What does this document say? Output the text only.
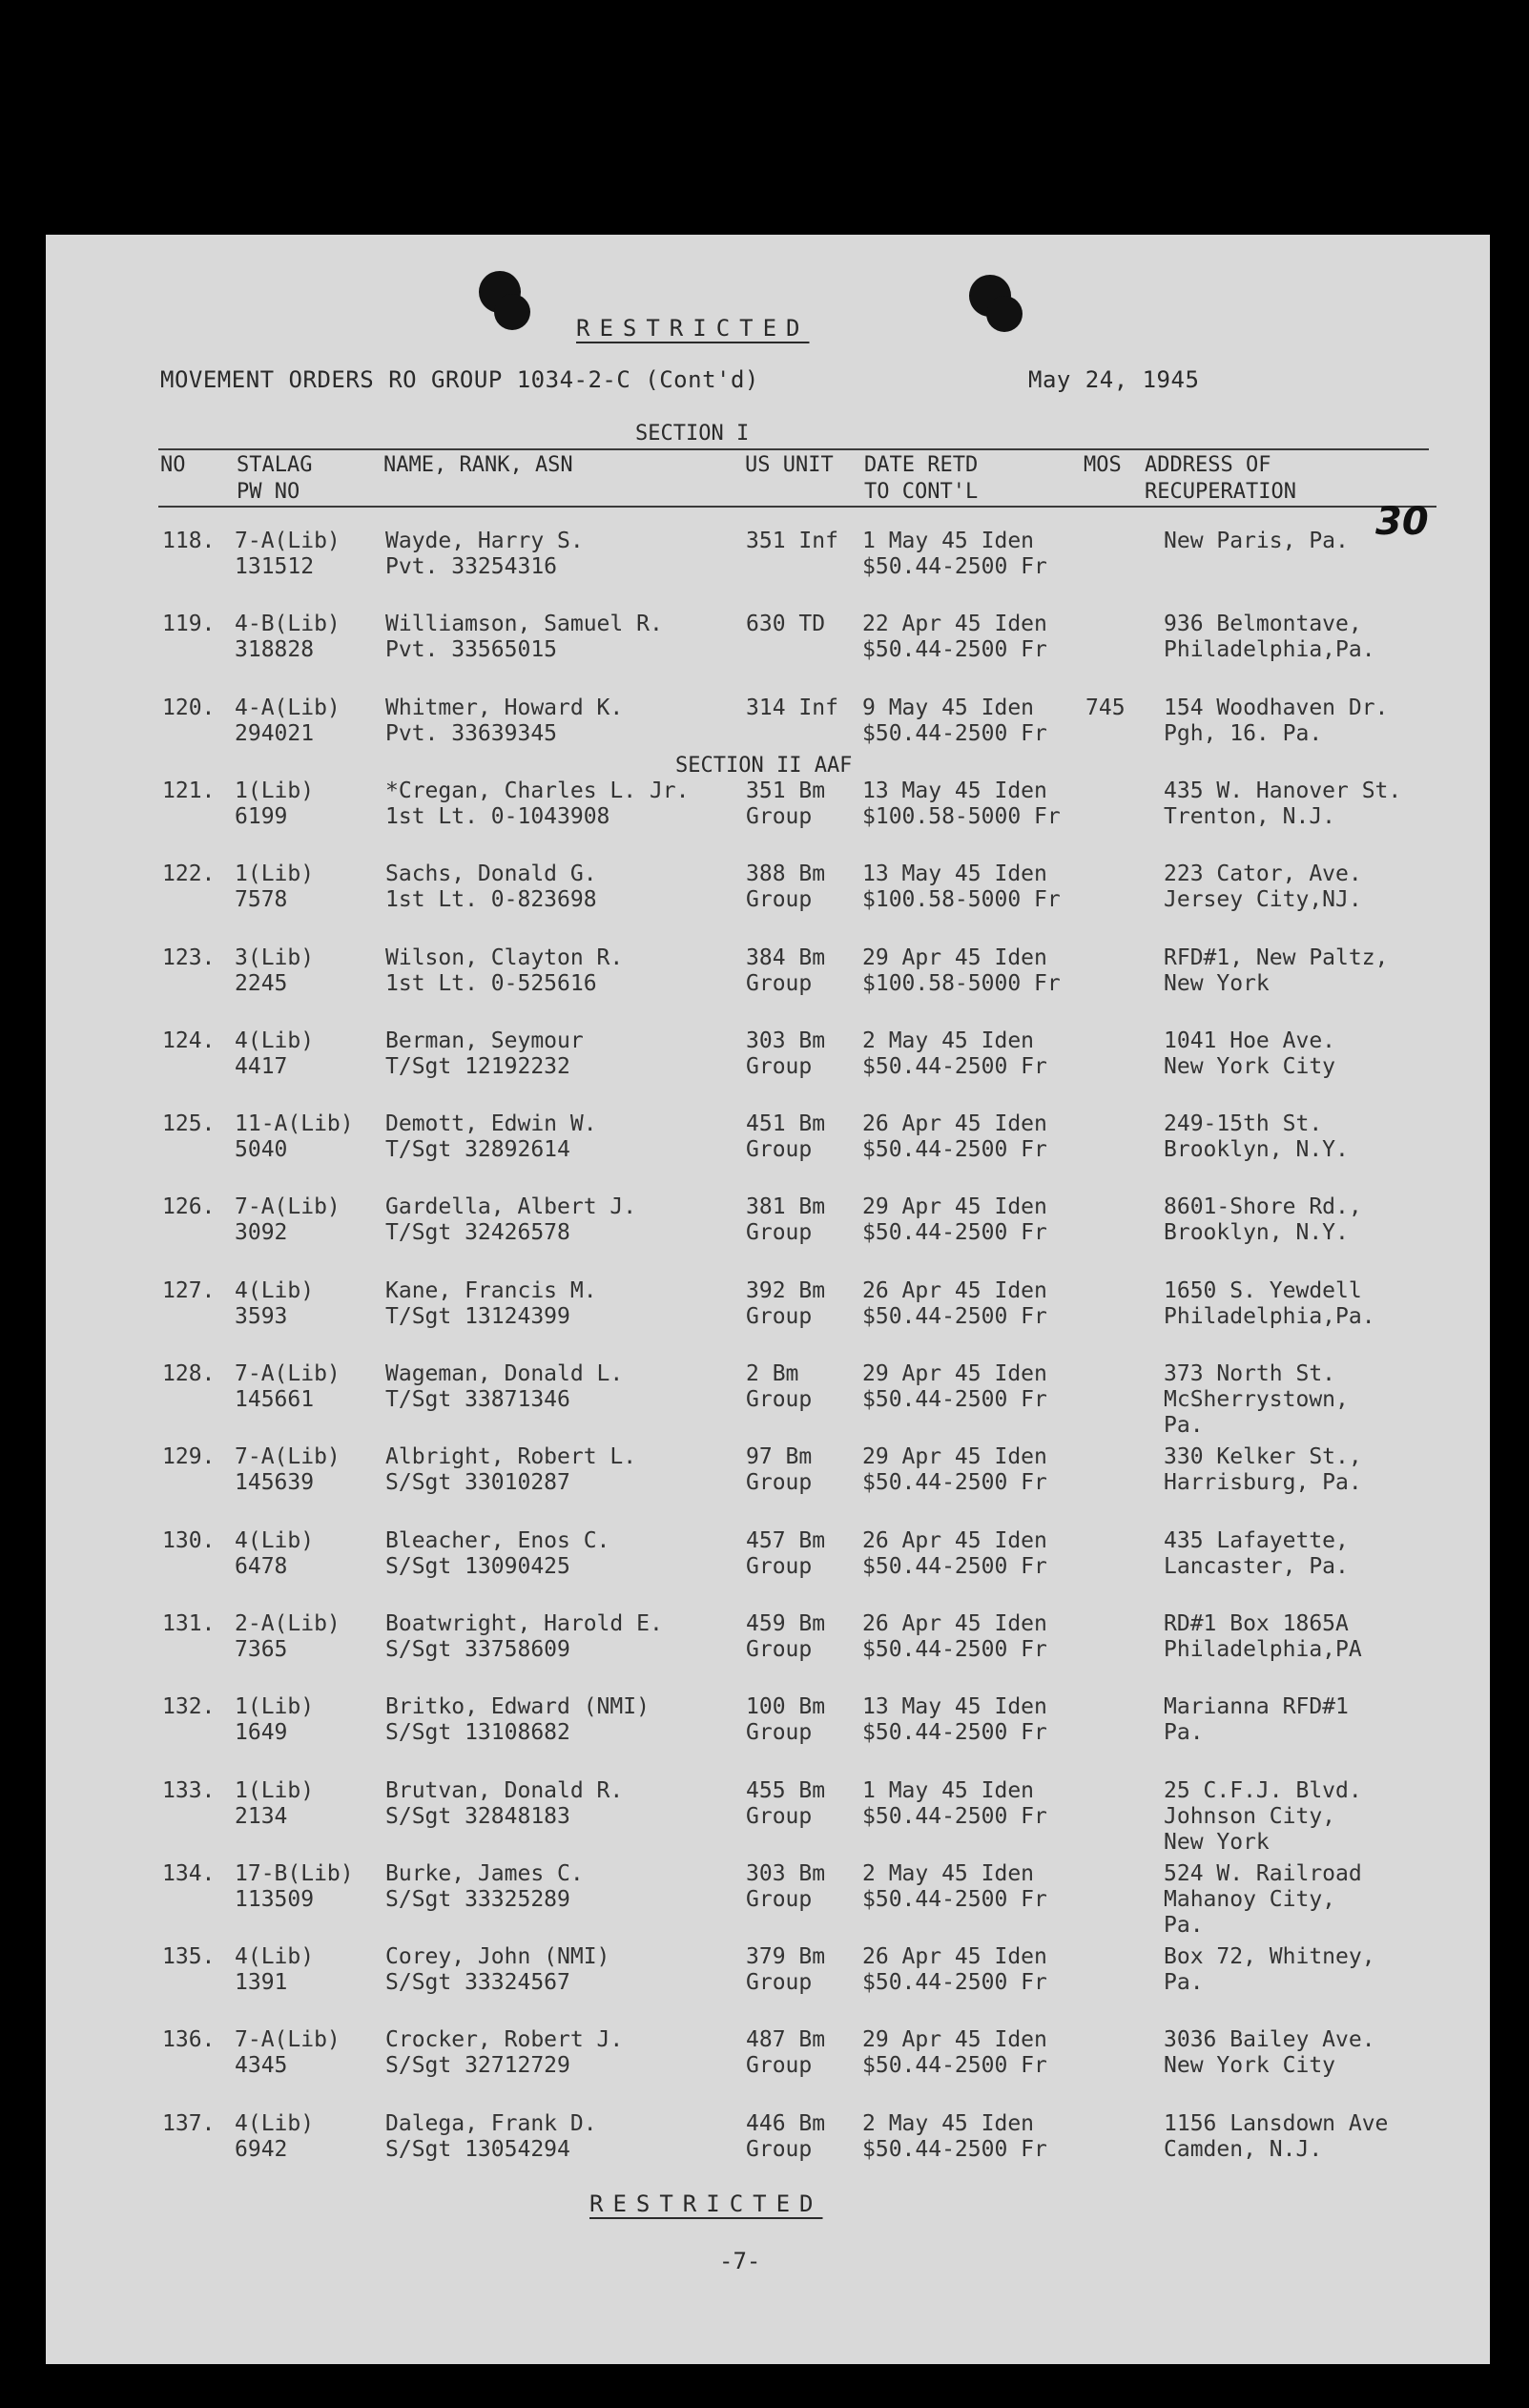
RESTRICTED
MOVEMENT ORDERS RO GROUP 1034-2-C (Cont'd)	May 24, 1945
SECTION I
NO STALAG
PW NO
NAME, RANK, ASN	US UNIT DATE RETD
TO CONT'L
MOS ADDRESS OF
RECUPERATION
30
SECTION II AAF
118. 7-A(Lib)
131512
Wayde, Harry S.
Pvt. 33254316
351 Inf 1 May 45 Iden
$50.44-2500 Fr
New Paris, Pa.
119. 4-B(Lib)
318828
Williamson, Samuel R.
Pvt. 33565015
630 TD 22 Apr 45 Iden
$50.44-2500 Fr
936 Belmontave,
Philadelphia,Pa.
120. 4-A(Lib)
294021
Whitmer, Howard K.
Pvt. 33639345
314 Inf 9 May 45 Iden
$50.44-2500 Fr
745 154 Woodhaven Dr.
Pgh, 16. Pa.
121. 1(Lib)
6199
*Cregan, Charles L. Jr.
1st Lt. 0-1043908
351 Bm
Group
13 May 45 Iden
$100.58-5000 Fr
435 W. Hanover St.
Trenton, N.J.
122. 1(Lib)
7578
Sachs, Donald G.
1st Lt. 0-823698
388 Bm
Group
13 May 45 Iden
$100.58-5000 Fr
223 Cator, Ave.
Jersey City,NJ.
123. 3(Lib)
2245
Wilson, Clayton R.
1st Lt. 0-525616
384 Bm
Group
29 Apr 45 Iden
$100.58-5000 Fr
RFD#1, New Paltz,
New York
124. 4(Lib)
4417
Berman, Seymour
T/Sgt 12192232
303 Bm
Group
2 May 45 Iden
$50.44-2500 Fr
1041 Hoe Ave.
New York City
125. 11-A(Lib)
5040
Demott, Edwin W.
T/Sgt 32892614
451 Bm
Group
26 Apr 45 Iden
$50.44-2500 Fr
249-15th St.
Brooklyn, N.Y.
126. 7-A(Lib)
3092
Gardella, Albert J.
T/Sgt 32426578
381 Bm
Group
29 Apr 45 Iden
$50.44-2500 Fr
8601-Shore Rd.,
Brooklyn, N.Y.
127. 4(Lib)
3593
Kane, Francis M.
T/Sgt 13124399
392 Bm
Group
26 Apr 45 Iden
$50.44-2500 Fr
1650 S. Yewdell
Philadelphia,Pa.
128. 7-A(Lib)
145661
Wageman, Donald L.
T/Sgt 33871346
2 Bm
Group
29 Apr 45 Iden
$50.44-2500 Fr
373 North St.
McSherrystown,
Pa.
129. 7-A(Lib)
145639
Albright, Robert L.
S/Sgt 33010287
97 Bm
Group
29 Apr 45 Iden
$50.44-2500 Fr
330 Kelker St.,
Harrisburg, Pa.
130. 4(Lib)
6478
Bleacher, Enos C.
S/Sgt 13090425
457 Bm
Group
26 Apr 45 Iden
$50.44-2500 Fr
435 Lafayette,
Lancaster, Pa.
131. 2-A(Lib)
7365
Boatwright, Harold E.
S/Sgt 33758609
459 Bm
Group
26 Apr 45 Iden
$50.44-2500 Fr
RD#1 Box 1865A
Philadelphia,PA
132. 1(Lib)
1649
Britko, Edward (NMI)
S/Sgt 13108682
100 Bm
Group
13 May 45 Iden
$50.44-2500 Fr
Marianna RFD#1
Pa.
133. 1(Lib)
2134
Brutvan, Donald R.
S/Sgt 32848183
455 Bm
Group
1 May 45 Iden
$50.44-2500 Fr
25 C.F.J. Blvd.
Johnson City,
New York
134. 17-B(Lib)
113509
Burke, James C.
S/Sgt 33325289
303 Bm
Group
2 May 45 Iden
$50.44-2500 Fr
524 W. Railroad
Mahanoy City,
Pa.
135. 4(Lib)
1391
Corey, John (NMI)
S/Sgt 33324567
379 Bm
Group
26 Apr 45 Iden
$50.44-2500 Fr
Box 72, Whitney,
Pa.
136. 7-A(Lib)
4345
Crocker, Robert J.
S/Sgt 32712729
487 Bm
Group
29 Apr 45 Iden
$50.44-2500 Fr
3036 Bailey Ave.
New York City
137. 4(Lib)
6942
Dalega, Frank D.
S/Sgt 13054294
446 Bm
Group
2 May 45 Iden
$50.44-2500 Fr
1156 Lansdown Ave
Camden, N.J.
RESTRICTED
-7-
